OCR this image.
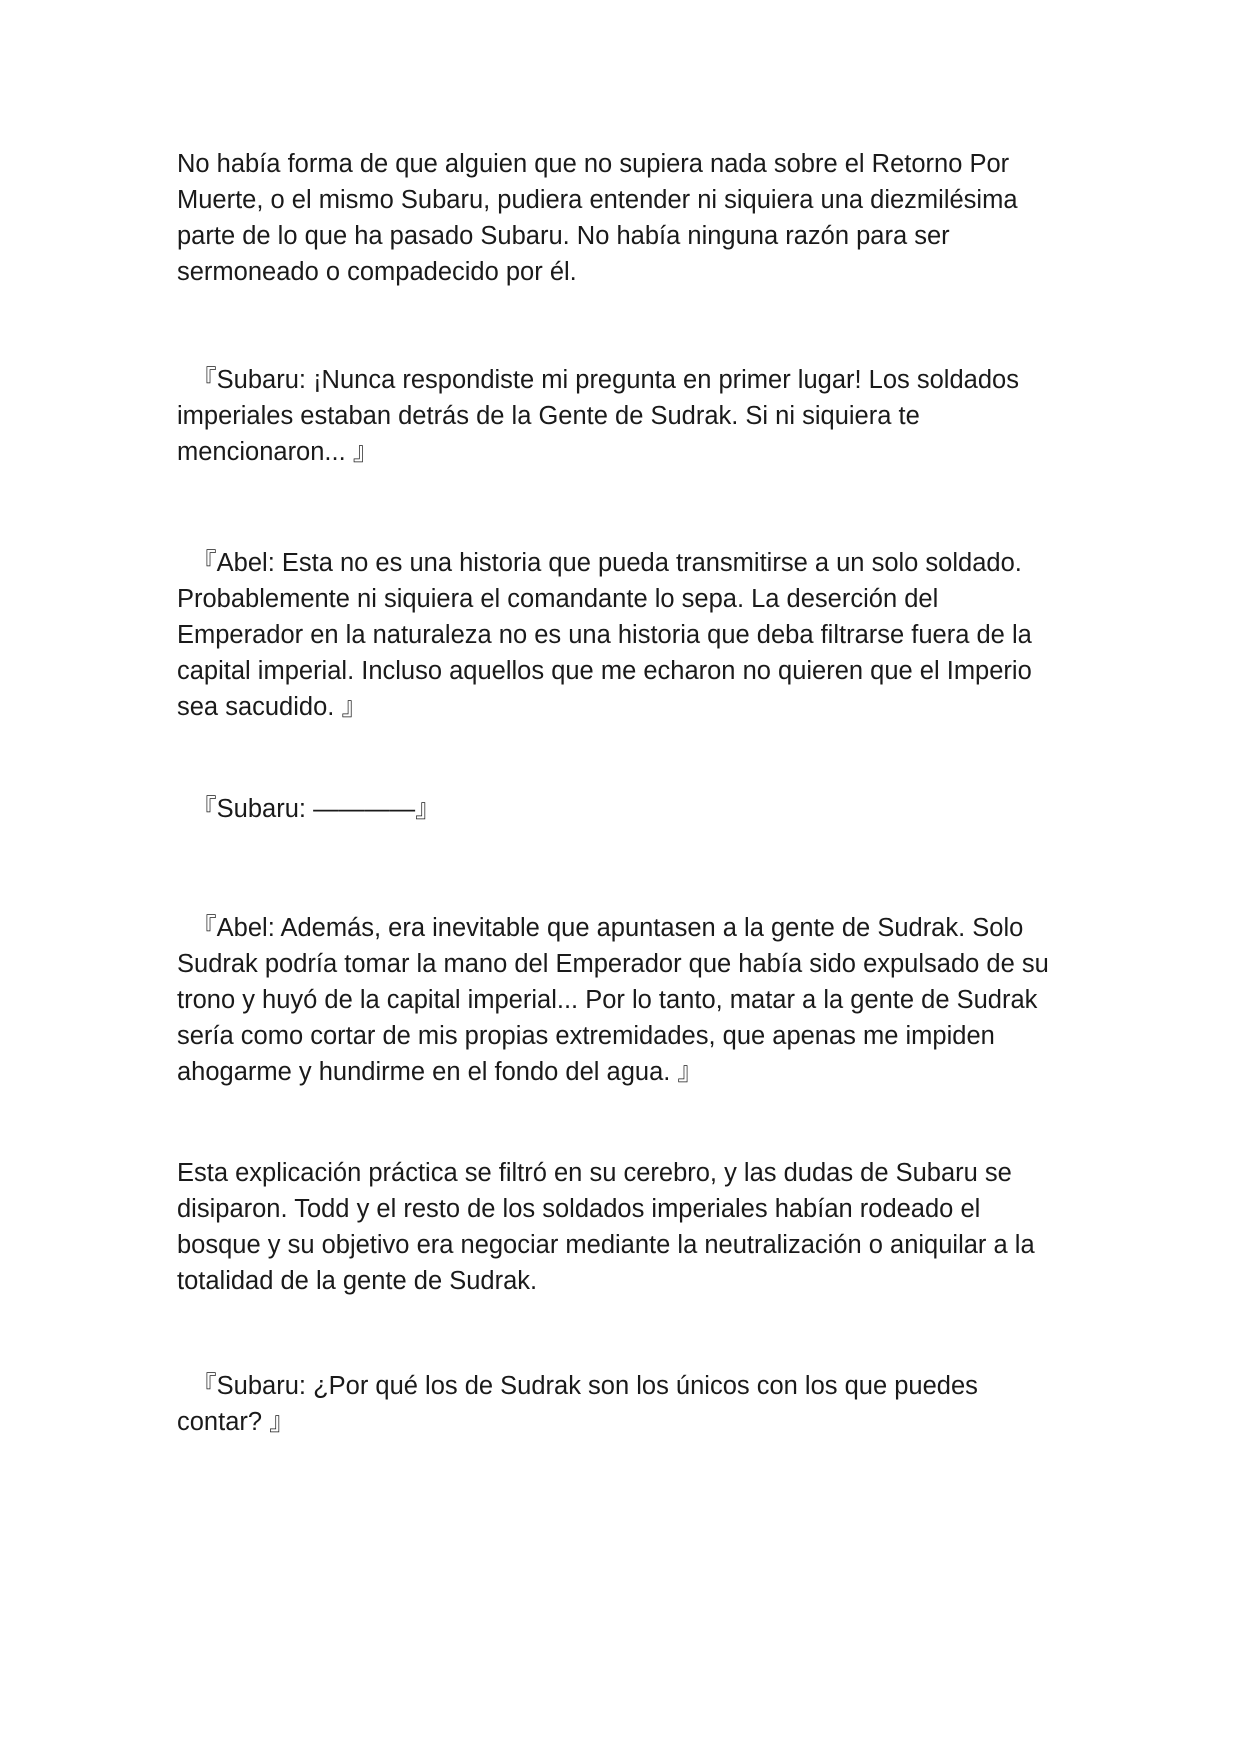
No había forma de que alguien que no supiera nada sobre el Retorno Por Muerte, o el mismo Subaru, pudiera entender ni siquiera una diezmilésima parte de lo que ha pasado Subaru. No había ninguna razón para ser sermoneado o compadecido por él.

『Subaru: ¡Nunca respondiste mi pregunta en primer lugar! Los soldados imperiales estaban detrás de la Gente de Sudrak. Si ni siquiera te mencionaron... 』

『Abel: Esta no es una historia que pueda transmitirse a un solo soldado. Probablemente ni siquiera el comandante lo sepa. La deserción del Emperador en la naturaleza no es una historia que deba filtrarse fuera de la capital imperial. Incluso aquellos que me echaron no quieren que el Imperio sea sacudido. 』

『Subaru: ————』

『Abel: Además, era inevitable que apuntasen a la gente de Sudrak. Solo Sudrak podría tomar la mano del Emperador que había sido expulsado de su trono y huyó de la capital imperial... Por lo tanto, matar a la gente de Sudrak sería como cortar de mis propias extremidades, que apenas me impiden ahogarme y hundirme en el fondo del agua. 』

Esta explicación práctica se filtró en su cerebro, y las dudas de Subaru se disiparon. Todd y el resto de los soldados imperiales habían rodeado el bosque y su objetivo era negociar mediante la neutralización o aniquilar a la totalidad de la gente de Sudrak.

『Subaru: ¿Por qué los de Sudrak son los únicos con los que puedes contar? 』
